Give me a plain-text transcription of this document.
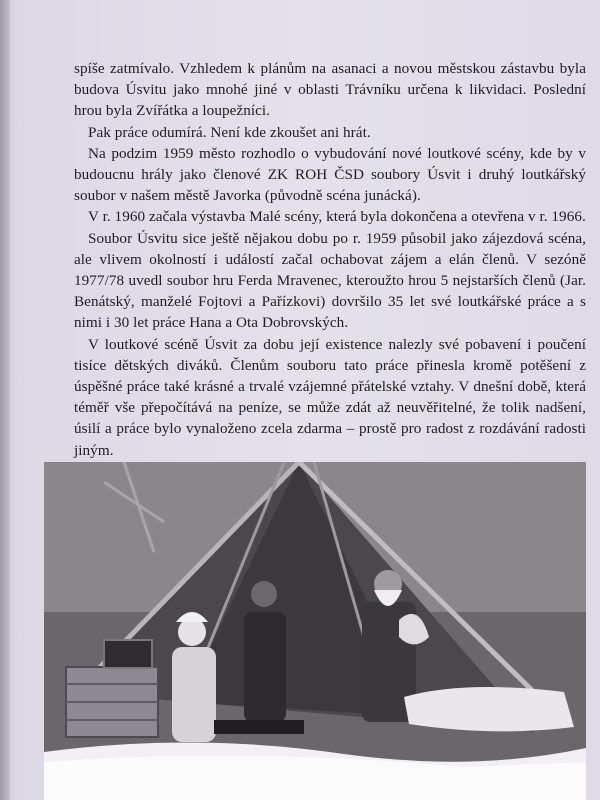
spíše zatmívalo. Vzhledem k plánům na asanaci a novou městskou zástavbu byla budova Úsvitu jako mnohé jiné v oblasti Trávníku určena k likvidaci. Poslední hrou byla Zvířátka a loupežníci.

Pak práce odumírá. Není kde zkoušet ani hrát.

Na podzim 1959 město rozhodlo o vybudování nové loutkové scény, kde by v budoucnu hrály jako členové ZK ROH ČSD soubory Úsvit i druhý loutkářský soubor v našem městě Javorka (původně scéna junácká).

V r. 1960 začala výstavba Malé scény, která byla dokončena a otevřena v r. 1966.

Soubor Úsvitu sice ještě nějakou dobu po r. 1959 působil jako zájezdová scéna, ale vlivem okolností i událostí začal ochabovat zájem a elán členů. V sezóně 1977/78 uvedl soubor hru Ferda Mravenec, kteroužto hrou 5 nejstarších členů (Jar. Benátský, manželé Fojtovi a Pařízkovi) dovršilo 35 let své loutkářské práce a s nimi i 30 let práce Hana a Ota Dobrovských.

V loutkové scéně Úsvit za dobu její existence nalezly své pobavení i poučení tisíce dětských diváků. Členům souboru tato práce přinesla kromě potěšení z úspěšné práce také krásné a trvalé vzájemné přátelské vztahy. V dnešní době, která téměř vše přepočítává na peníze, se může zdát až neuvěřitelné, že tolik nadšení, úsilí a práce bylo vynaloženo zcela zdarma – prostě pro radost z rozdávání radosti jiným.
